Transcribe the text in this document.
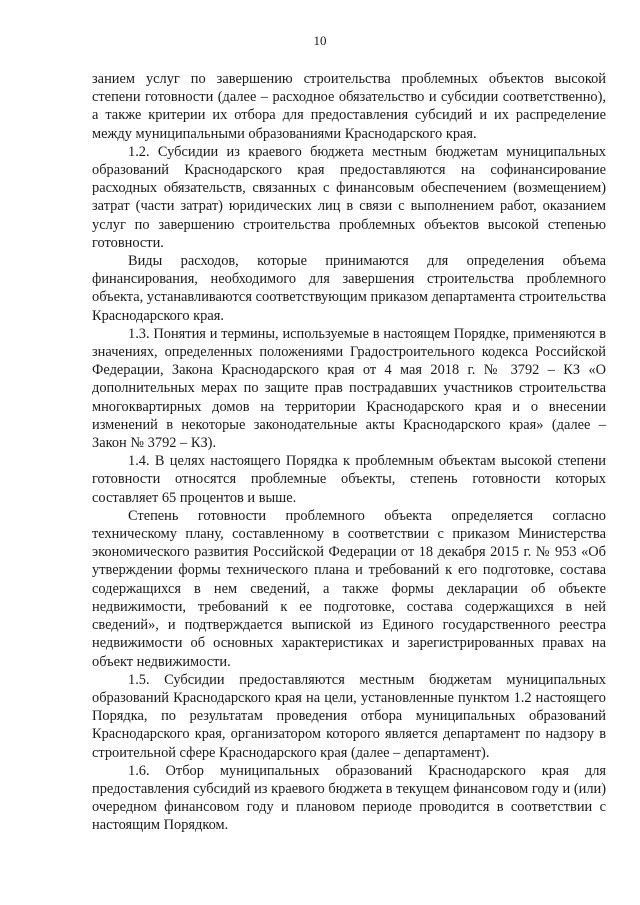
10

занием услуг по завершению строительства проблемных объектов высокой степени готовности (далее – расходное обязательство и субсидии соответственно), а также критерии их отбора для предоставления субсидий и их распределение между муниципальными образованиями Краснодарского края.

1.2. Субсидии из краевого бюджета местным бюджетам муниципальных образований Краснодарского края предоставляются на софинансирование расходных обязательств, связанных с финансовым обеспечением (возмещением) затрат (части затрат) юридических лиц в связи с выполнением работ, оказанием услуг по завершению строительства проблемных объектов высокой степенью готовности.

Виды расходов, которые принимаются для определения объема финансирования, необходимого для завершения строительства проблемного объекта, устанавливаются соответствующим приказом департамента строительства Краснодарского края.

1.3. Понятия и термины, используемые в настоящем Порядке, применяются в значениях, определенных положениями Градостроительного кодекса Российской Федерации, Закона Краснодарского края от 4 мая 2018 г. № 3792 – КЗ «О дополнительных мерах по защите прав пострадавших участников строительства многоквартирных домов на территории Краснодарского края и о внесении изменений в некоторые законодательные акты Краснодарского края» (далее – Закон № 3792 – КЗ).

1.4. В целях настоящего Порядка к проблемным объектам высокой степени готовности относятся проблемные объекты, степень готовности которых составляет 65 процентов и выше.

Степень готовности проблемного объекта определяется согласно техническому плану, составленному в соответствии с приказом Министерства экономического развития Российской Федерации от 18 декабря 2015 г. № 953 «Об утверждении формы технического плана и требований к его подготовке, состава содержащихся в нем сведений, а также формы декларации об объекте недвижимости, требований к ее подготовке, состава содержащихся в ней сведений», и подтверждается выпиской из Единого государственного реестра недвижимости об основных характеристиках и зарегистрированных правах на объект недвижимости.

1.5. Субсидии предоставляются местным бюджетам муниципальных образований Краснодарского края на цели, установленные пунктом 1.2 настоящего Порядка, по результатам проведения отбора муниципальных образований Краснодарского края, организатором которого является департамент по надзору в строительной сфере Краснодарского края (далее – департамент).

1.6. Отбор муниципальных образований Краснодарского края для предоставления субсидий из краевого бюджета в текущем финансовом году и (или) очередном финансовом году и плановом периоде проводится в соответствии с настоящим Порядком.
